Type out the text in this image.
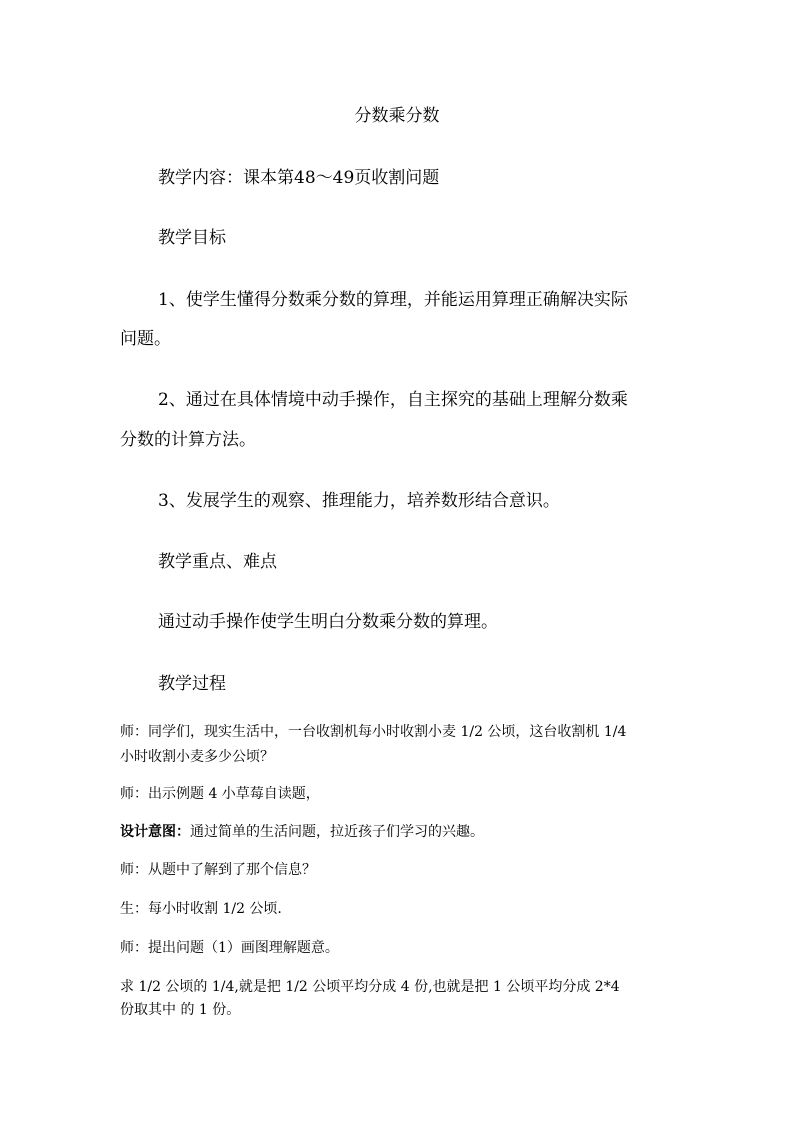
分数乘分数
教学内容：课本第48～49页收割问题
教学目标
1、使学生懂得分数乘分数的算理，并能运用算理正确解决实际
问题。
2、通过在具体情境中动手操作，自主探究的基础上理解分数乘
分数的计算方法。
3、发展学生的观察、推理能力，培养数形结合意识。
教学重点、难点
通过动手操作使学生明白分数乘分数的算理。
教学过程
师：同学们，现实生活中，一台收割机每小时收割小麦 1/2 公顷，这台收割机 1/4
小时收割小麦多少公顷？
师：出示例题 4 小草莓自读题，
设计意图：通过简单的生活问题，拉近孩子们学习的兴趣。
师：从题中了解到了那个信息？
生：每小时收割 1/2 公顷.
师：提出问题（1）画图理解题意。
求 1/2 公顷的 1/4,就是把 1/2 公顷平均分成 4 份,也就是把 1 公顷平均分成 2*4
份取其中 的 1 份。
